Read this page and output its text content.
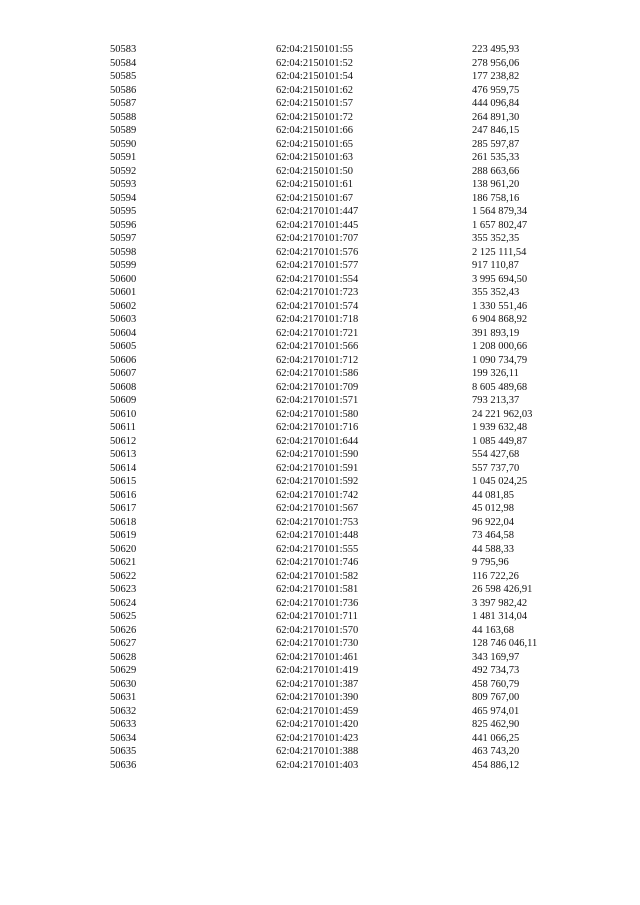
50583	62:04:2150101:55	223 495,93
50584	62:04:2150101:52	278 956,06
50585	62:04:2150101:54	177 238,82
50586	62:04:2150101:62	476 959,75
50587	62:04:2150101:57	444 096,84
50588	62:04:2150101:72	264 891,30
50589	62:04:2150101:66	247 846,15
50590	62:04:2150101:65	285 597,87
50591	62:04:2150101:63	261 535,33
50592	62:04:2150101:50	288 663,66
50593	62:04:2150101:61	138 961,20
50594	62:04:2150101:67	186 758,16
50595	62:04:2170101:447	1 564 879,34
50596	62:04:2170101:445	1 657 802,47
50597	62:04:2170101:707	355 352,35
50598	62:04:2170101:576	2 125 111,54
50599	62:04:2170101:577	917 110,87
50600	62:04:2170101:554	3 995 694,50
50601	62:04:2170101:723	355 352,43
50602	62:04:2170101:574	1 330 551,46
50603	62:04:2170101:718	6 904 868,92
50604	62:04:2170101:721	391 893,19
50605	62:04:2170101:566	1 208 000,66
50606	62:04:2170101:712	1 090 734,79
50607	62:04:2170101:586	199 326,11
50608	62:04:2170101:709	8 605 489,68
50609	62:04:2170101:571	793 213,37
50610	62:04:2170101:580	24 221 962,03
50611	62:04:2170101:716	1 939 632,48
50612	62:04:2170101:644	1 085 449,87
50613	62:04:2170101:590	554 427,68
50614	62:04:2170101:591	557 737,70
50615	62:04:2170101:592	1 045 024,25
50616	62:04:2170101:742	44 081,85
50617	62:04:2170101:567	45 012,98
50618	62:04:2170101:753	96 922,04
50619	62:04:2170101:448	73 464,58
50620	62:04:2170101:555	44 588,33
50621	62:04:2170101:746	9 795,96
50622	62:04:2170101:582	116 722,26
50623	62:04:2170101:581	26 598 426,91
50624	62:04:2170101:736	3 397 982,42
50625	62:04:2170101:711	1 481 314,04
50626	62:04:2170101:570	44 163,68
50627	62:04:2170101:730	128 746 046,11
50628	62:04:2170101:461	343 169,97
50629	62:04:2170101:419	492 734,73
50630	62:04:2170101:387	458 760,79
50631	62:04:2170101:390	809 767,00
50632	62:04:2170101:459	465 974,01
50633	62:04:2170101:420	825 462,90
50634	62:04:2170101:423	441 066,25
50635	62:04:2170101:388	463 743,20
50636	62:04:2170101:403	454 886,12
